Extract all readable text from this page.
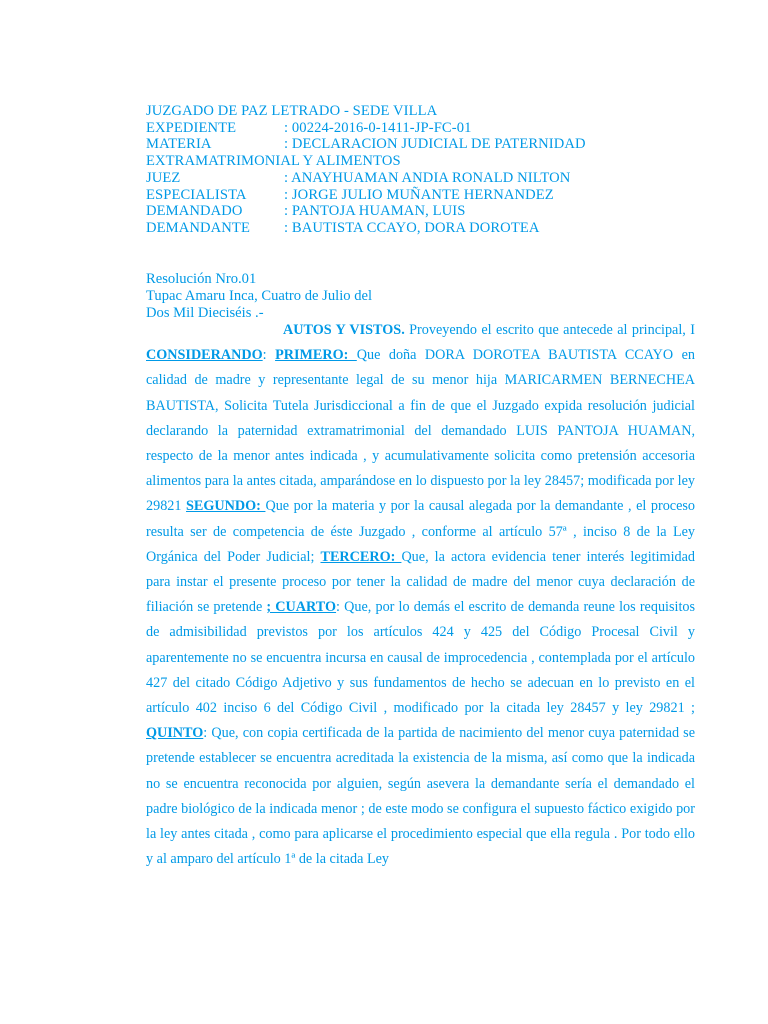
JUZGADO DE PAZ LETRADO - SEDE VILLA
EXPEDIENTE	: 00224-2016-0-1411-JP-FC-01
MATERIA	: DECLARACION JUDICIAL DE PATERNIDAD
EXTRAMATRIMONIAL Y ALIMENTOS
JUEZ	: ANAYHUAMAN ANDIA RONALD NILTON
ESPECIALISTA	: JORGE JULIO MUÑANTE HERNANDEZ
DEMANDADO	: PANTOJA HUAMAN, LUIS
DEMANDANTE	: BAUTISTA CCAYO, DORA DOROTEA
Resolución Nro.01
Tupac Amaru Inca, Cuatro de Julio del
Dos Mil Dieciséis .-

AUTOS Y VISTOS. Proveyendo el escrito que antecede al principal, I CONSIDERANDO: PRIMERO: Que doña DORA DOROTEA BAUTISTA CCAYO en calidad de madre y representante legal de su menor hija MARICARMEN BERNECHEA BAUTISTA, Solicita Tutela Jurisdiccional a fin de que el Juzgado expida resolución judicial declarando la paternidad extramatrimonial del demandado LUIS PANTOJA HUAMAN, respecto de la menor antes indicada , y acumulativamente solicita como pretensión accesoria alimentos para la antes citada, amparándose en lo dispuesto por la ley 28457; modificada por ley 29821 SEGUNDO: Que por la materia y por la causal alegada por la demandante , el proceso resulta ser de competencia de éste Juzgado , conforme al artículo 57ª , inciso 8 de la Ley Orgánica del Poder Judicial; TERCERO: Que, la actora evidencia tener interés legitimidad para instar el presente proceso por tener la calidad de madre del menor cuya declaración de filiación se pretende ; CUARTO: Que, por lo demás el escrito de demanda reune los requisitos de admisibilidad previstos por los artículos 424 y 425 del Código Procesal Civil y aparentemente no se encuentra incursa en causal de improcedencia , contemplada por el artículo 427 del citado Código Adjetivo y sus fundamentos de hecho se adecuan en lo previsto en el artículo 402 inciso 6 del Código Civil , modificado por la citada ley 28457 y ley 29821 ; QUINTO: Que, con copia certificada de la partida de nacimiento del menor cuya paternidad se pretende establecer se encuentra acreditada la existencia de la misma, así como que la indicada no se encuentra reconocida por alguien, según asevera la demandante sería el demandado el padre biológico de la indicada menor ; de este modo se configura el supuesto fáctico exigido por la ley antes citada , como para aplicarse el procedimiento especial que ella regula . Por todo ello y al amparo del artículo 1ª de la citada Ley
